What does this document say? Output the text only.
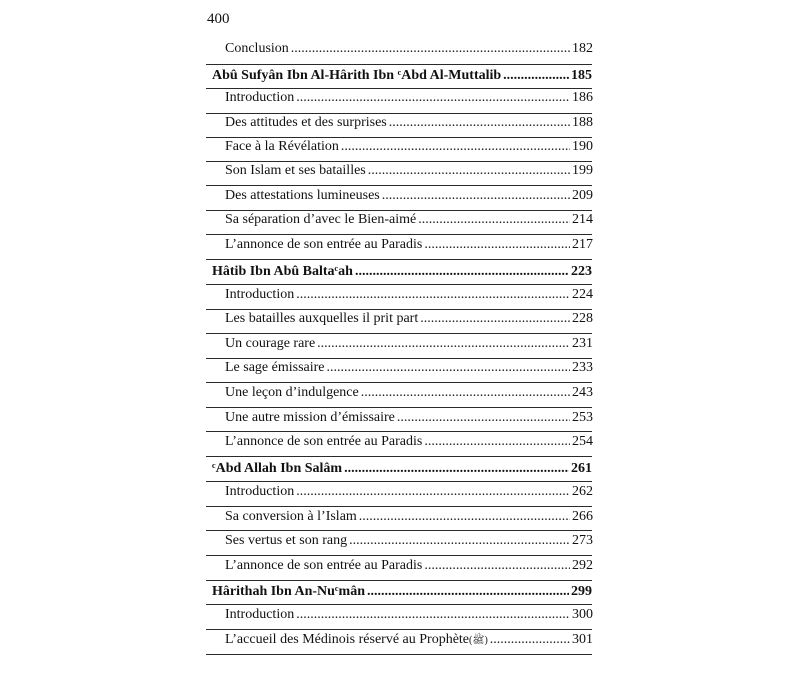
400
Conclusion .....	182
Abû Sufyân Ibn Al-Hârith Ibn ᶜAbd Al-Muttalib .....	185
Introduction .....	186
Des attitudes et des surprises .....	188
Face à la Révélation .....	190
Son Islam et ses batailles .....	199
Des attestations lumineuses .....	209
Sa séparation d’avec le Bien-aimé .....	214
L’annonce de son entrée au Paradis .....	217
Hâtib Ibn Abû Baltaᶜah .....	223
Introduction .....	224
Les batailles auxquelles il prit part .....	228
Un courage rare .....	231
Le sage émissaire .....	233
Une leçon d’indulgence .....	243
Une autre mission d’émissaire .....	253
L’annonce de son entrée au Paradis .....	254
ᶜAbd Allah Ibn Salâm .....	261
Introduction .....	262
Sa conversion à l’Islam .....	266
Ses vertus et son rang .....	273
L’annonce de son entrée au Paradis .....	292
Hârithah Ibn An-Nuᶜmân .....	299
Introduction .....	300
L’accueil des Médinois réservé au Prophète (ﷺ) .....	301
